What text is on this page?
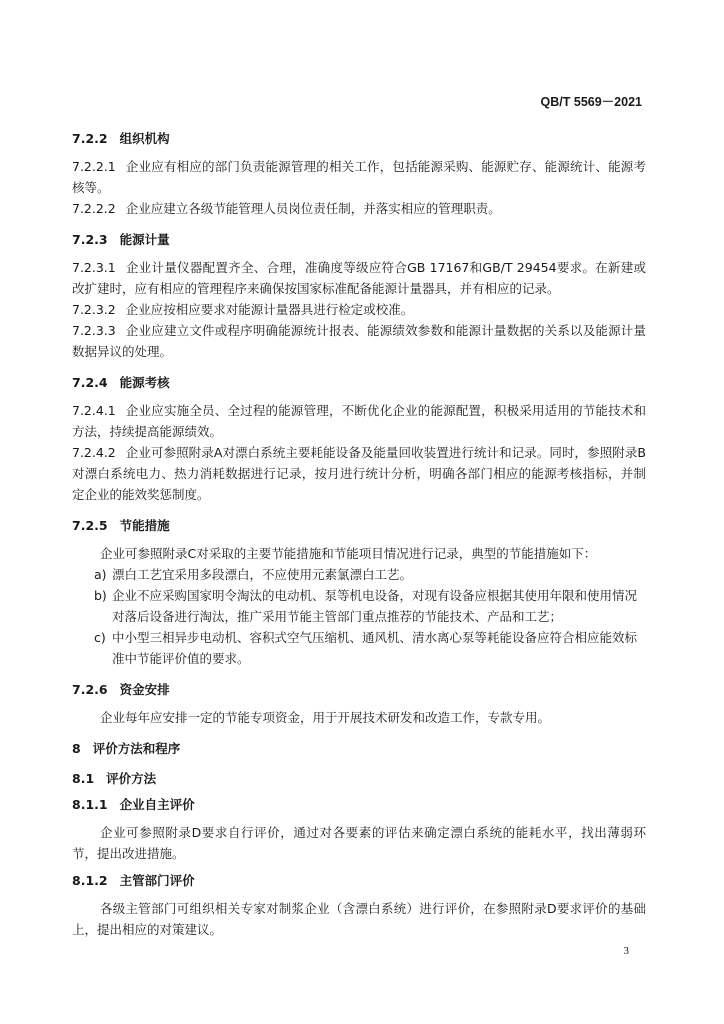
QB/T 5569－2021

7.2.2 组织机构

7.2.2.1 企业应有相应的部门负责能源管理的相关工作，包括能源采购、能源贮存、能源统计、能源考核等。

7.2.2.2 企业应建立各级节能管理人员岗位责任制，并落实相应的管理职责。

7.2.3 能源计量

7.2.3.1 企业计量仪器配置齐全、合理，准确度等级应符合GB 17167和GB/T 29454要求。在新建或改扩建时，应有相应的管理程序来确保按国家标准配备能源计量器具，并有相应的记录。

7.2.3.2 企业应按相应要求对能源计量器具进行检定或校准。

7.2.3.3 企业应建立文件或程序明确能源统计报表、能源绩效参数和能源计量数据的关系以及能源计量数据异议的处理。

7.2.4 能源考核

7.2.4.1 企业应实施全员、全过程的能源管理，不断优化企业的能源配置，积极采用适用的节能技术和方法，持续提高能源绩效。

7.2.4.2 企业可参照附录A对漂白系统主要耗能设备及能量回收装置进行统计和记录。同时，参照附录B对漂白系统电力、热力消耗数据进行记录，按月进行统计分析，明确各部门相应的能源考核指标，并制定企业的能效奖惩制度。

7.2.5 节能措施

企业可参照附录C对采取的主要节能措施和节能项目情况进行记录，典型的节能措施如下：

a) 漂白工艺宜采用多段漂白，不应使用元素氯漂白工艺。
b) 企业不应采购国家明令淘汰的电动机、泵等机电设备，对现有设备应根据其使用年限和使用情况对落后设备进行淘汰，推广采用节能主管部门重点推荐的节能技术、产品和工艺；
c) 中小型三相异步电动机、容积式空气压缩机、通风机、清水离心泵等耗能设备应符合相应能效标准中节能评价值的要求。

7.2.6 资金安排

企业每年应安排一定的节能专项资金，用于开展技术研发和改造工作，专款专用。

8 评价方法和程序

8.1 评价方法

8.1.1 企业自主评价

企业可参照附录D要求自行评价，通过对各要素的评估来确定漂白系统的能耗水平，找出薄弱环节，提出改进措施。

8.1.2 主管部门评价

各级主管部门可组织相关专家对制浆企业（含漂白系统）进行评价，在参照附录D要求评价的基础上，提出相应的对策建议。

3
